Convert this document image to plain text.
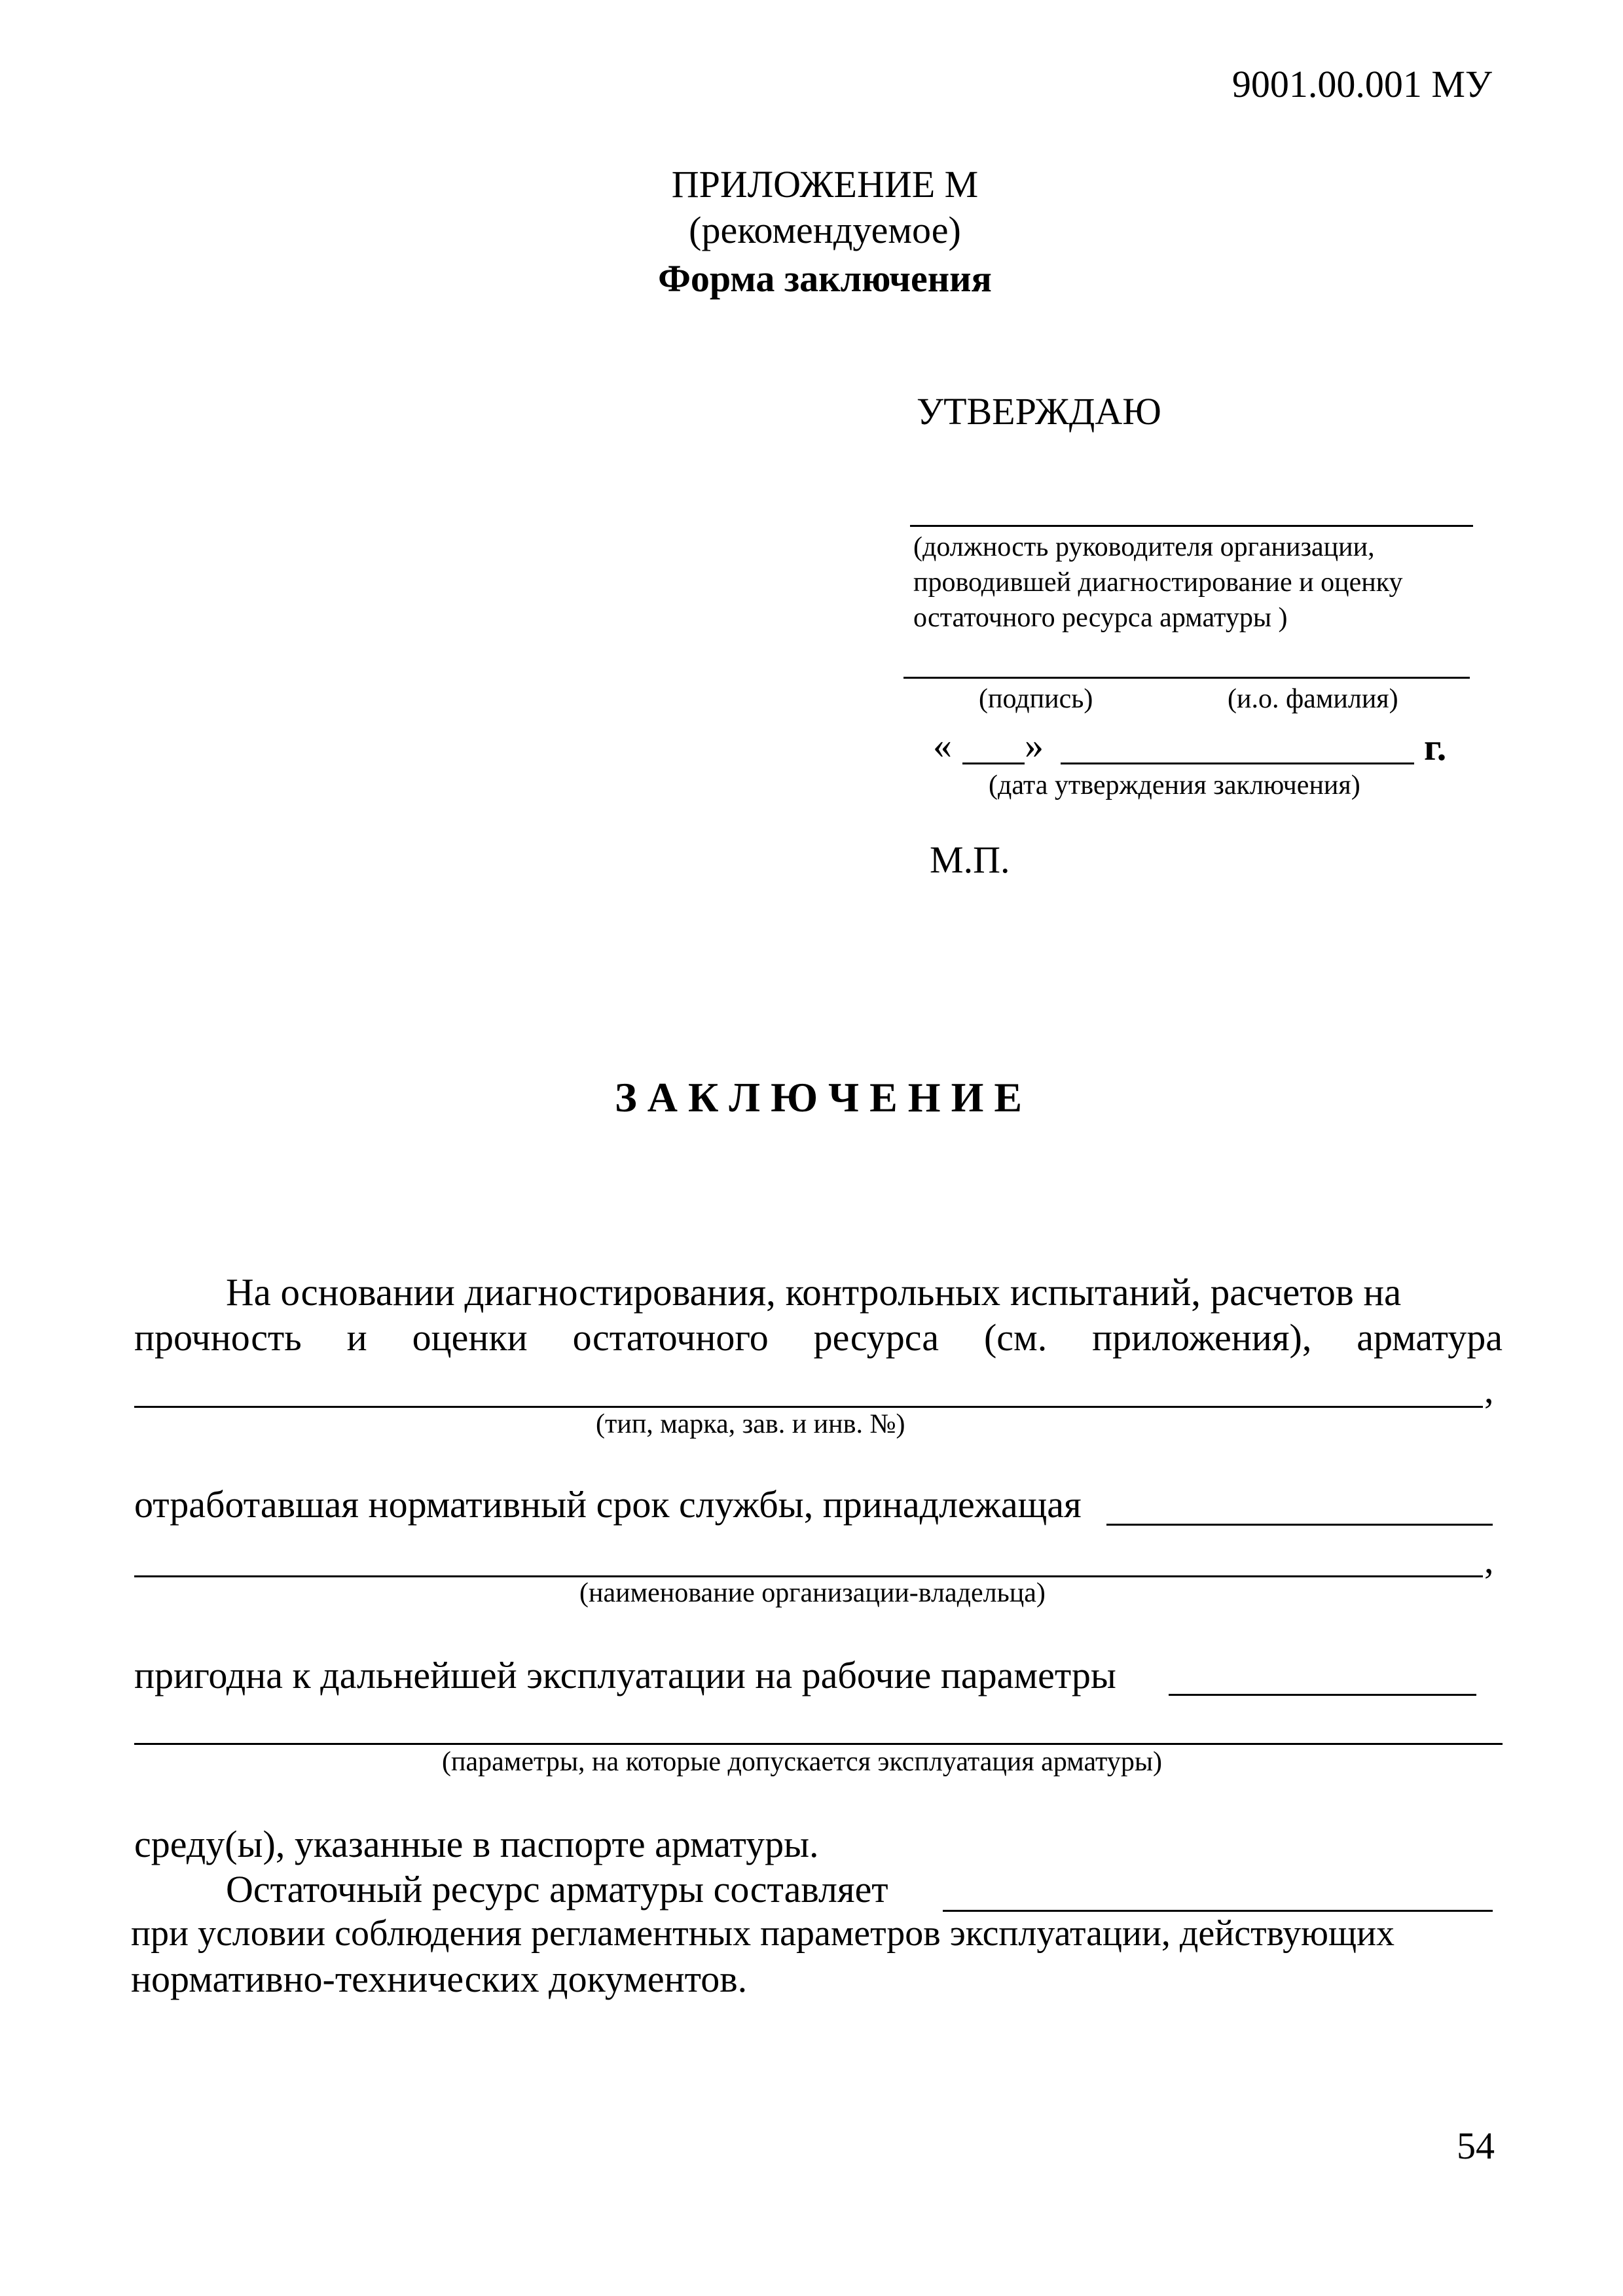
9001.00.001 МУ
ПРИЛОЖЕНИЕ М
(рекомендуемое)
Форма заключения
УТВЕРЖДАЮ
(должность руководителя организации,
проводившей диагностирование и оценку
остаточного ресурса арматуры )
(подпись)	(и.о. фамилия)
« »	г.
(дата утверждения заключения)
М.П.
З А К Л Ю Ч Е Н И Е
На основании диагностирования, контрольных испытаний, расчетов на
прочность и оценки остаточного ресурса (см. приложения), арматура
,
(тип, марка, зав. и инв. №)
отработавшая нормативный срок службы, принадлежащая
,
(наименование организации-владельца)
пригодна к дальнейшей эксплуатации на рабочие параметры
(параметры, на которые допускается эксплуатация арматуры)
среду(ы), указанные в паспорте арматуры.
Остаточный ресурс арматуры составляет
при условии соблюдения регламентных параметров эксплуатации, действующих
нормативно-технических документов.
54
